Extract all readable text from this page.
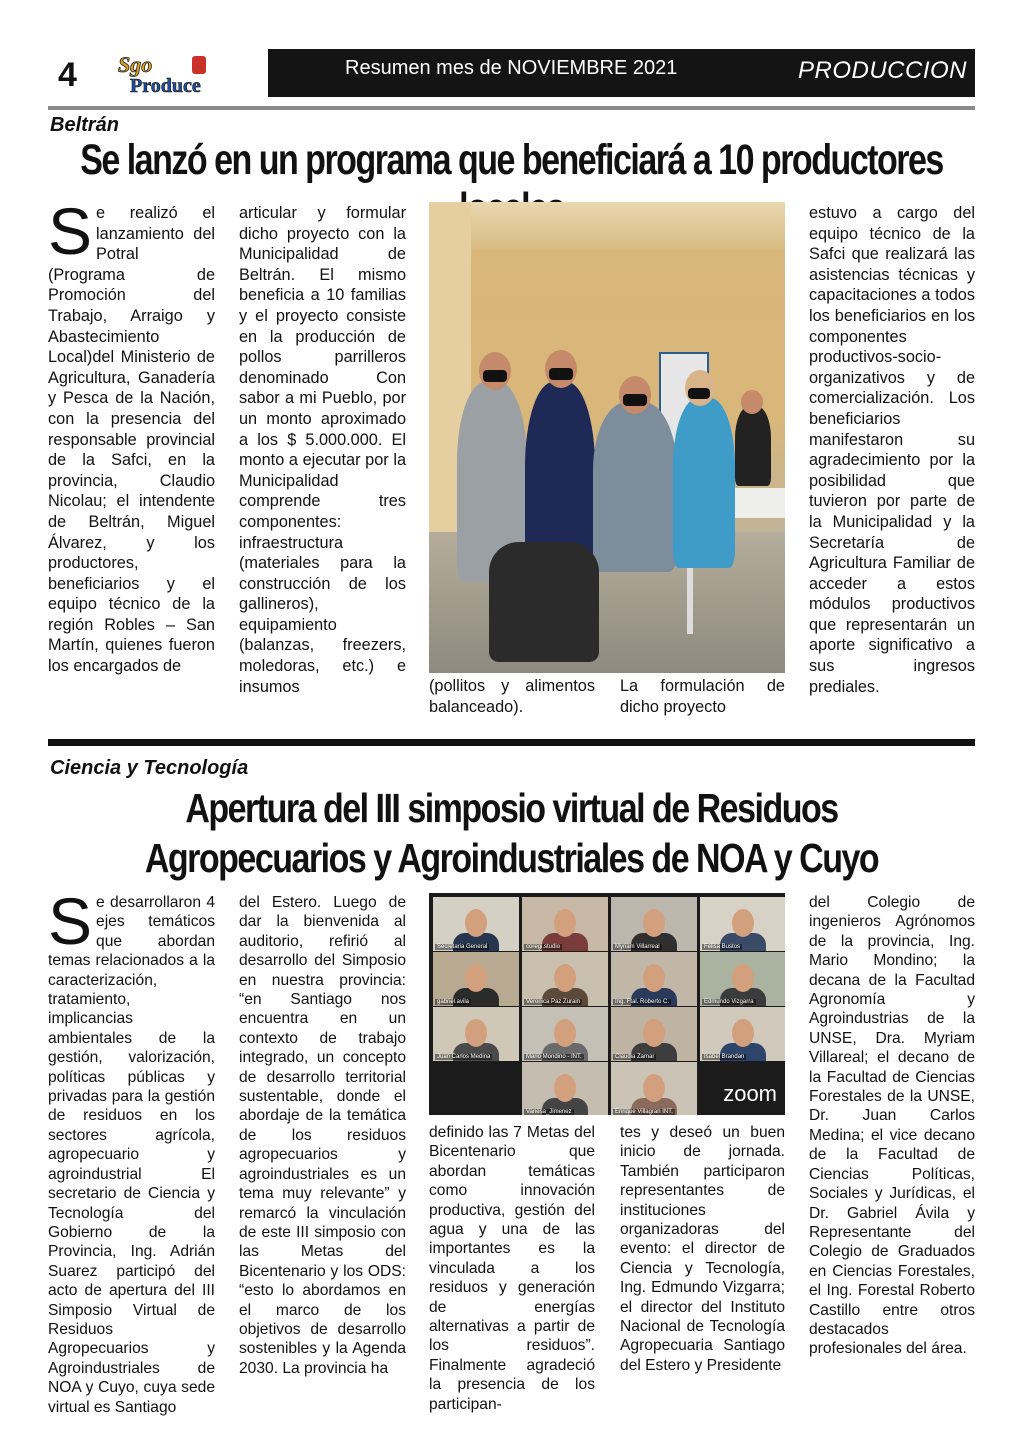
4 Sgo
Produce
Resumen mes de NOVIEMBRE 2021	PRODUCCION
Beltrán
Se lanzó en un programa que beneficiará a 10 productores
Se realizó el lanzamiento del Potral (Programa de Promoción del Trabajo, Arraigo y Abastecimiento Local)del Ministerio de Agricultura, Ganadería y Pesca de la Nación, con la presencia del responsable provincial de la Safci, en la provincia, Claudio Nicolau; el intendente de Beltrán, Miguel Álvarez, y los productores, beneficiarios y el equipo técnico de la región Robles – San Martín, quienes fueron los encargados de
articular y formular dicho proyecto con la Municipalidad de Beltrán. El mismo beneficia a 10 familias y el proyecto consiste en la producción de pollos parrilleros denominado Con sabor a mi Pueblo, por un monto aproximado a los $ 5.000.000. El monto a ejecutar por la Municipalidad comprende tres componentes: infraestructura (materiales para la construcción de los gallineros), equipamiento (balanzas, freezers, moledoras, etc.) e insumos	(pollitos y alimentos balanceado).
La formulación de dicho proyecto
estuvo a cargo del equipo técnico de la Safci que realizará las asistencias técnicas y capacitaciones a todos los beneficiarios en los componentes productivos-socio-organizativos y de comercialización. Los beneficiarios manifestaron su agradecimiento por la posibilidad que tuvieron por parte de la Municipalidad y la Secretaría de Agricultura Familiar de acceder a estos módulos productivos que representarán un aporte significativo a sus ingresos prediales.
Ciencia y Tecnología
Apertura del III simposio virtual de Residuos
Agropecuarios y Agroindustriales de NOA y Cuyo
Se desarrollaron 4 ejes temáticos que abordan temas relacionados a la caracterización, tratamiento, implicancias ambientales de la gestión, valorización, políticas públicas y privadas para la gestión de residuos en los sectores agrícola, agropecuario y agroindustrial El secretario de Ciencia y Tecnología del Gobierno de la Provincia, Ing. Adrián Suarez participó del acto de apertura del III Simposio Virtual de Residuos Agropecuarios y Agroindustriales de NOA y Cuyo, cuya sede virtual es Santiago
del Estero. Luego de dar la bienvenida al auditorio, refirió al desarrollo del Simposio en nuestra provincia: “en Santiago nos encuentra en un contexto de trabajo integrado, un concepto de desarrollo territorial sustentable, donde el abordaje de la temática de los residuos agropecuarios y agroindustriales es un tema muy relevante” y remarcó la vinculación de este III simposio con las Metas del Bicentenario y los ODS: “esto lo abordamos en el marco de los objetivos de desarrollo sostenibles y la Agenda 2030. La provincia ha
Secretaria General	coregi.studio	Myriam Villarreal	Felisa Bustos
gabriel.avila	Veronica Paz Zurain	Ing. Ftal. Roberto C.	Edmundo Vizgarra
Juan Carlos Medina	Mario Mondino - INT.	Claudia Zamar	Isabel Brandan
Vanesa_Jimenez	Enrique Villagran INT.
zoom
definido las 7 Metas del Bicentenario que abordan temáticas como innovación productiva, gestión del agua y una de las importantes es la vinculada a los residuos y generación de energías alternativas a partir de los residuos”. Finalmente agradeció la presencia de los participan-
tes y deseó un buen inicio de jornada. También participaron representantes de instituciones organizadoras del evento: el director de Ciencia y Tecnología, Ing. Edmundo Vizgarra; el director del Instituto Nacional de Tecnología Agropecuaria Santiago del Estero y Presidente
del Colegio de ingenieros Agrónomos de la provincia, Ing. Mario Mondino; la decana de la Facultad Agronomía y Agroindustrias de la UNSE, Dra. Myriam Villareal; el decano de la Facultad de Ciencias Forestales de la UNSE, Dr. Juan Carlos Medina; el vice decano de la Facultad de Ciencias Políticas, Sociales y Jurídicas, el Dr. Gabriel Ávila y Representante del Colegio de Graduados en Ciencias Forestales, el Ing. Forestal Roberto Castillo entre otros destacados profesionales del área.
